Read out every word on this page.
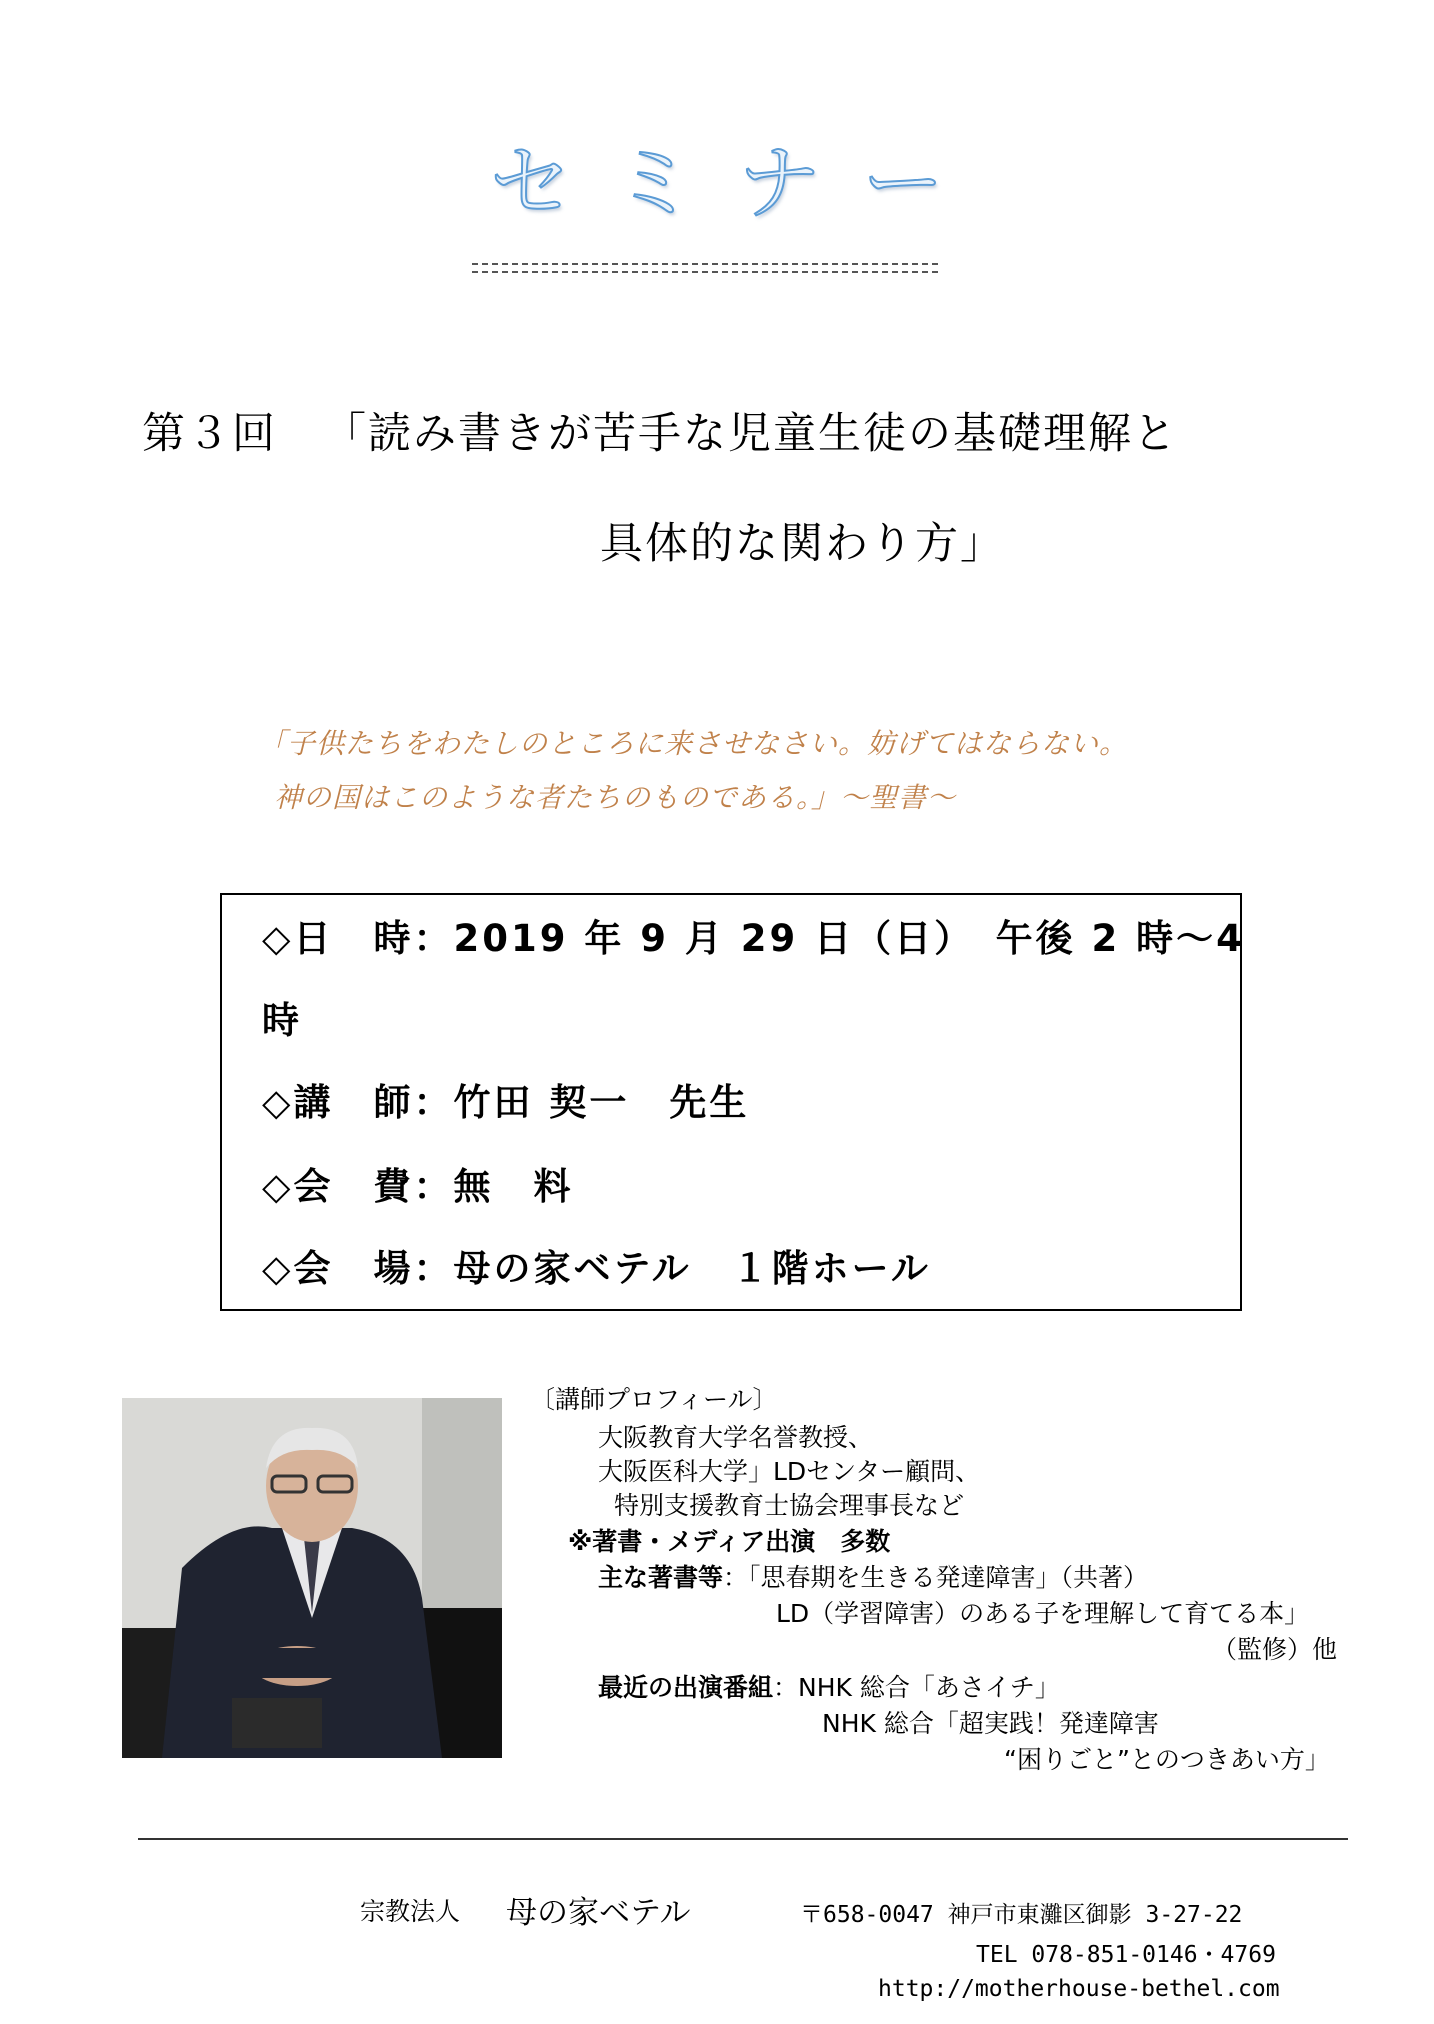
セミナー
第３回 「読み書きが苦手な児童生徒の基礎理解と
具体的な関わり方」
「子供たちをわたしのところに来させなさい。妨げてはならない。
神の国はこのような者たちのものである。」〜聖書〜
◇日　時：2019 年 9 月 29 日（日）　午後 2 時〜4
時
◇講　師：竹田 契一　先生
◇会　費：無　料
◇会　場：母の家ベテル　１階ホール
〔講師プロフィール〕
大阪教育大学名誉教授、
大阪医科大学」LDセンター顧問、
特別支援教育士協会理事長など
※著書・メディア出演　多数
主な著書等：「思春期を生きる発達障害」（共著）
LD（学習障害）のある子を理解して育てる本」
（監修）他
最近の出演番組：NHK 総合「あさイチ」
NHK 総合「超実践！発達障害
“困りごと”とのつきあい方」
宗教法人 母の家ベテル	〒658-0047 神戸市東灘区御影 3-27-22
TEL 078-851-0146・4769
http://motherhouse-bethel.com
